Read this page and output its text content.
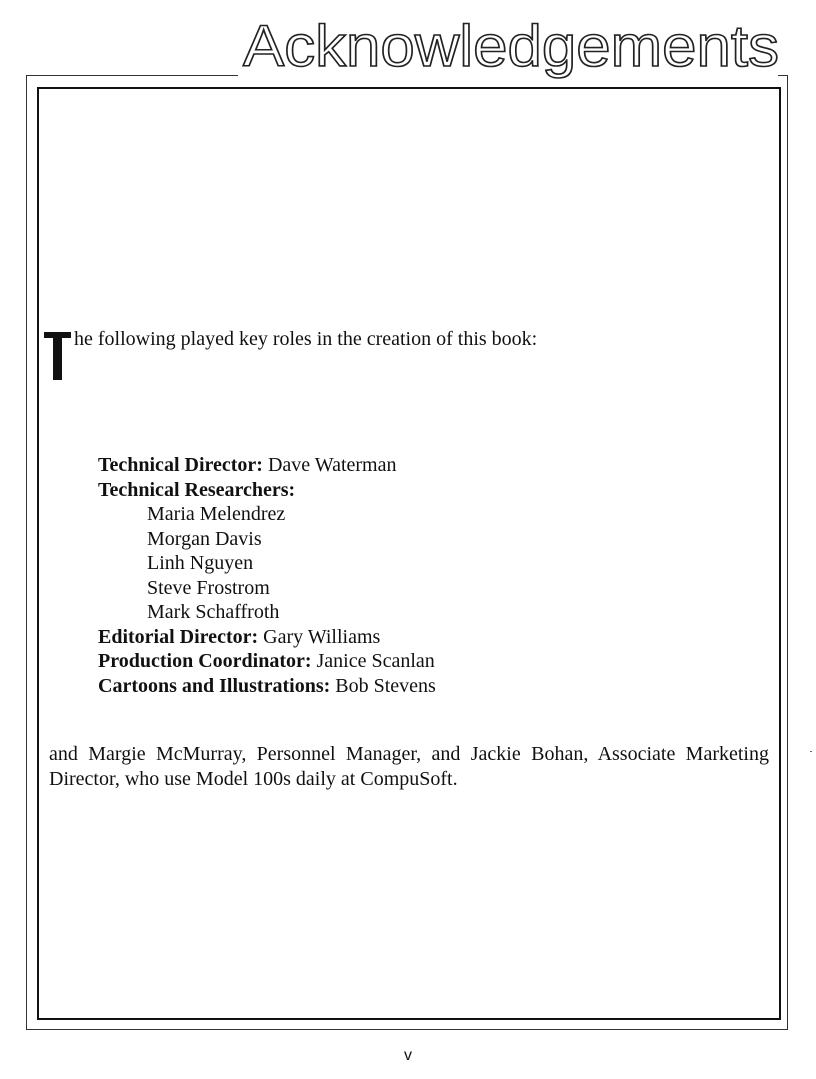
Acknowledgements
he following played key roles in the creation of this book:
Technical Director: Dave Waterman
Technical Researchers:
Maria Melendrez
Morgan Davis
Linh Nguyen
Steve Frostrom
Mark Schaffroth
Editorial Director: Gary Williams
Production Coordinator: Janice Scanlan
Cartoons and Illustrations: Bob Stevens
and Margie McMurray, Personnel Manager, and Jackie Bohan, Associate Marketing Director, who use Model 100s daily at CompuSoft.
v
